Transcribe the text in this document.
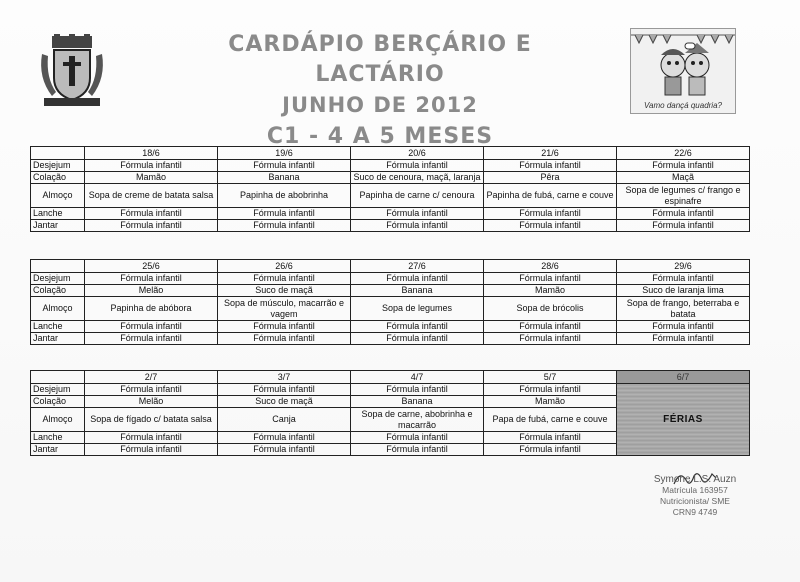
CARDÁPIO BERÇÁRIO E LACTÁRIO
JUNHO DE 2012
C1 - 4 A 5 MESES
Vamo dançá quadria?
	18/6	19/6	20/6	21/6	22/6
Desjejum	Fórmula infantil	Fórmula infantil	Fórmula infantil	Fórmula infantil	Fórmula infantil
Colação	Mamão	Banana	Suco de cenoura, maçã, laranja	Pêra	Maçã
Almoço	Sopa de creme de batata salsa	Papinha de abobrinha	Papinha de carne c/ cenoura	Papinha de fubá, carne e couve	Sopa de legumes c/ frango e espinafre
Lanche	Fórmula infantil	Fórmula infantil	Fórmula infantil	Fórmula infantil	Fórmula infantil
Jantar	Fórmula infantil	Fórmula infantil	Fórmula infantil	Fórmula infantil	Fórmula infantil
	25/6	26/6	27/6	28/6	29/6
Desjejum	Fórmula infantil	Fórmula infantil	Fórmula infantil	Fórmula infantil	Fórmula infantil
Colação	Melão	Suco de maçã	Banana	Mamão	Suco de laranja lima
Almoço	Papinha de abóbora	Sopa de músculo, macarrão e vagem	Sopa de legumes	Sopa de brócolis	Sopa de frango, beterraba e batata
Lanche	Fórmula infantil	Fórmula infantil	Fórmula infantil	Fórmula infantil	Fórmula infantil
Jantar	Fórmula infantil	Fórmula infantil	Fórmula infantil	Fórmula infantil	Fórmula infantil
	2/7	3/7	4/7	5/7	6/7
Desjejum	Fórmula infantil	Fórmula infantil	Fórmula infantil	Fórmula infantil	FÉRIAS
Colação	Melão	Suco de maçã	Banana	Mamão	
Almoço	Sopa de fígado c/ batata salsa	Canja	Sopa de carne, abobrinha e macarrão	Papa de fubá, carne e couve	
Lanche	Fórmula infantil	Fórmula infantil	Fórmula infantil	Fórmula infantil	
Jantar	Fórmula infantil	Fórmula infantil	Fórmula infantil	Fórmula infantil	
Symone L.S. Auzn
Matrícula 163957
Nutricionista/ SME
CRN9 4749
